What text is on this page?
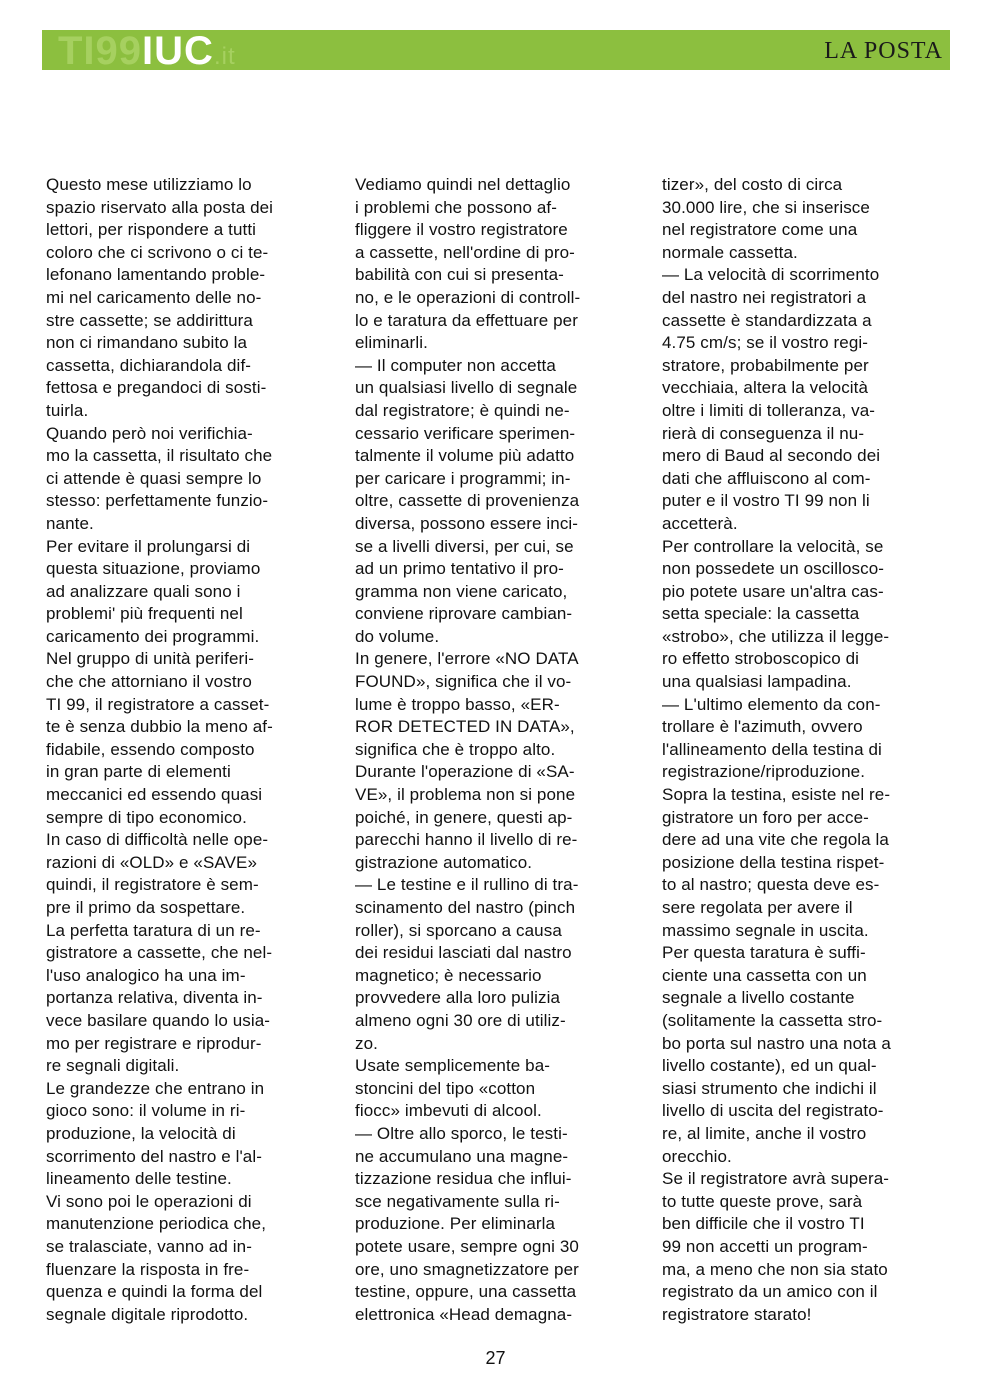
TI99IUC.it	LA POSTA
Questo mese utilizziamo lo
spazio riservato alla posta dei
lettori, per rispondere a tutti
coloro che ci scrivono o ci te-
lefonano lamentando proble-
mi nel caricamento delle no-
stre cassette; se addirittura
non ci rimandano subito la
cassetta, dichiarandola dif-
fettosa e pregandoci di sosti-
tuirla.
Quando però noi verifichia-
mo la cassetta, il risultato che
ci attende è quasi sempre lo
stesso: perfettamente funzio-
nante.
Per evitare il prolungarsi di
questa situazione, proviamo
ad analizzare quali sono i
problemi' più frequenti nel
caricamento dei programmi.
Nel gruppo di unità periferi-
che che attorniano il vostro
TI 99, il registratore a casset-
te è senza dubbio la meno af-
fidabile, essendo composto
in gran parte di elementi
meccanici ed essendo quasi
sempre di tipo economico.
In caso di difficoltà nelle ope-
razioni di «OLD» e «SAVE»
quindi, il registratore è sem-
pre il primo da sospettare.
La perfetta taratura di un re-
gistratore a cassette, che nel-
l'uso analogico ha una im-
portanza relativa, diventa in-
vece basilare quando lo usia-
mo per registrare e riprodur-
re segnali digitali.
Le grandezze che entrano in
gioco sono: il volume in ri-
produzione, la velocità di
scorrimento del nastro e l'al-
lineamento delle testine.
Vi sono poi le operazioni di
manutenzione periodica che,
se tralasciate, vanno ad in-
fluenzare la risposta in fre-
quenza e quindi la forma del
segnale digitale riprodotto.
Vediamo quindi nel dettaglio
i problemi che possono af-
fliggere il vostro registratore
a cassette, nell'ordine di pro-
babilità con cui si presenta-
no, e le operazioni di controll-
lo e taratura da effettuare per
eliminarli.
— Il computer non accetta
un qualsiasi livello di segnale
dal registratore; è quindi ne-
cessario verificare sperimen-
talmente il volume più adatto
per caricare i programmi; in-
oltre, cassette di provenienza
diversa, possono essere inci-
se a livelli diversi, per cui, se
ad un primo tentativo il pro-
gramma non viene caricato,
conviene riprovare cambian-
do volume.
In genere, l'errore «NO DATA
FOUND», significa che il vo-
lume è troppo basso, «ER-
ROR DETECTED IN DATA»,
significa che è troppo alto.
Durante l'operazione di «SA-
VE», il problema non si pone
poiché, in genere, questi ap-
parecchi hanno il livello di re-
gistrazione automatico.
— Le testine e il rullino di tra-
scinamento del nastro (pinch
roller), si sporcano a causa
dei residui lasciati dal nastro
magnetico; è necessario
provvedere alla loro pulizia
almeno ogni 30 ore di utiliz-
zo.
Usate semplicemente ba-
stoncini del tipo «cotton
fiocc» imbevuti di alcool.
— Oltre allo sporco, le testi-
ne accumulano una magne-
tizzazione residua che influi-
sce negativamente sulla ri-
produzione. Per eliminarla
potete usare, sempre ogni 30
ore, uno smagnetizzatore per
testine, oppure, una cassetta
elettronica «Head demagna-
tizer», del costo di circa
30.000 lire, che si inserisce
nel registratore come una
normale cassetta.
— La velocità di scorrimento
del nastro nei registratori a
cassette è standardizzata a
4.75 cm/s; se il vostro regi-
stratore, probabilmente per
vecchiaia, altera la velocità
oltre i limiti di tolleranza, va-
rierà di conseguenza il nu-
mero di Baud al secondo dei
dati che affluiscono al com-
puter e il vostro TI 99 non li
accetterà.
Per controllare la velocità, se
non possedete un oscillosco-
pio potete usare un'altra cas-
setta speciale: la cassetta
«strobo», che utilizza il legge-
ro effetto stroboscopico di
una qualsiasi lampadina.
— L'ultimo elemento da con-
trollare è l'azimuth, ovvero
l'allineamento della testina di
registrazione/riproduzione.
Sopra la testina, esiste nel re-
gistratore un foro per acce-
dere ad una vite che regola la
posizione della testina rispet-
to al nastro; questa deve es-
sere regolata per avere il
massimo segnale in uscita.
Per questa taratura è suffi-
ciente una cassetta con un
segnale a livello costante
(solitamente la cassetta stro-
bo porta sul nastro una nota a
livello costante), ed un qual-
siasi strumento che indichi il
livello di uscita del registrato-
re, al limite, anche il vostro
orecchio.
Se il registratore avrà supera-
to tutte queste prove, sarà
ben difficile che il vostro TI
99 non accetti un program-
ma, a meno che non sia stato
registrato da un amico con il
registratore starato!
27
